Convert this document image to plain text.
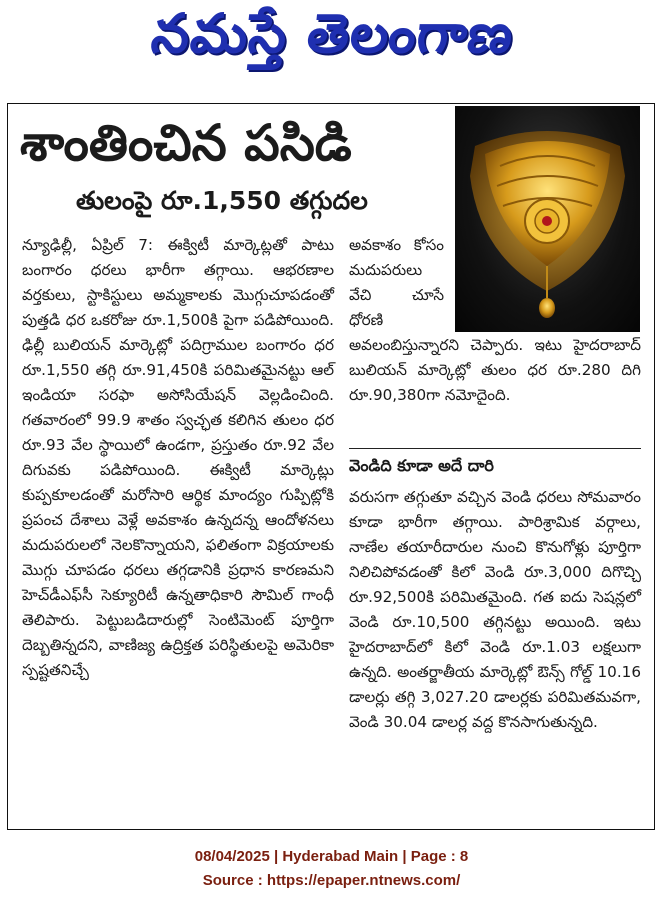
నమస్తే తెలంగాణ
శాంతించిన పసిడి
తులంపై రూ.1,550 తగ్గుదల

న్యూఢిల్లీ, ఏప్రిల్ 7: ఈక్విటీ మార్కెట్లతో పాటు బంగారం ధరలు భారీగా తగ్గాయి. ఆభరణాల వర్తకులు, స్టాకిస్టులు అమ్మకాలకు మొగ్గుచూపడంతో పుత్తడి ధర ఒకరోజు రూ.1,500కి పైగా పడిపోయింది. ఢిల్లీ బులియన్ మార్కెట్లో పదిగ్రాముల బంగారం ధర రూ.1,550 తగ్గి రూ.91,450కి పరిమితమైనట్టు ఆల్ ఇండియా సరఫా అసోసియేషన్ వెల్లడించింది. గతవారంలో 99.9 శాతం స్వచ్ఛత కలిగిన తులం ధర రూ.93 వేల స్థాయిలో ఉండగా, ప్రస్తుతం రూ.92 వేల దిగువకు పడిపోయింది. ఈక్విటీ మార్కెట్లు కుప్పకూలడంతో మరోసారి ఆర్థిక మాంద్యం గుప్పిట్లోకి ప్రపంచ దేశాలు వెళ్లే అవకాశం ఉన్నదన్న ఆందోళనలు మదుపరులలో నెలకొన్నాయని, ఫలితంగా విక్రయాలకు మొగ్గు చూపడం ధరలు తగ్గడానికి ప్రధాన కారణమని హెచ్‌డీఎఫ్‌సీ సెక్యూరిటీ ఉన్నతాధికారి సౌమిల్ గాంధీ తెలిపారు. పెట్టుబడిదారుల్లో సెంటిమెంట్ పూర్తిగా దెబ్బతిన్నదని, వాణిజ్య ఉద్రిక్తత పరిస్థితులపై అమెరికా స్పష్టతనిచ్చే

అవకాశం కోసం మదుపరులు వేచి చూసే ధోరణి

అవలంబిస్తున్నారని చెప్పారు. ఇటు హైదరాబాద్ బులియన్ మార్కెట్లో తులం ధర రూ.280 దిగి రూ.90,380గా నమోదైంది.

వెండిది కూడా అదే దారి

వరుసగా తగ్గుతూ వచ్చిన వెండి ధరలు సోమవారం కూడా భారీగా తగ్గాయి. పారిశ్రామిక వర్గాలు, నాణేల తయారీదారుల నుంచి కొనుగోళ్లు పూర్తిగా నిలిచిపోవడంతో కిలో వెండి రూ.3,000 దిగొచ్చి రూ.92,500కి పరిమితమైంది. గత ఐదు సెషన్లలో వెండి రూ.10,500 తగ్గినట్టు అయింది. ఇటు హైదరాబాద్‌లో కిలో వెండి రూ.1.03 లక్షలుగా ఉన్నది. అంతర్జాతీయ మార్కెట్లో ఔన్స్ గోల్డ్ 10.16 డాలర్లు తగ్గి 3,027.20 డాలర్లకు పరిమితమవగా, వెండి 30.04 డాలర్ల వద్ద కొనసాగుతున్నది.

08/04/2025 | Hyderabad Main | Page : 8
Source : https://epaper.ntnews.com/
